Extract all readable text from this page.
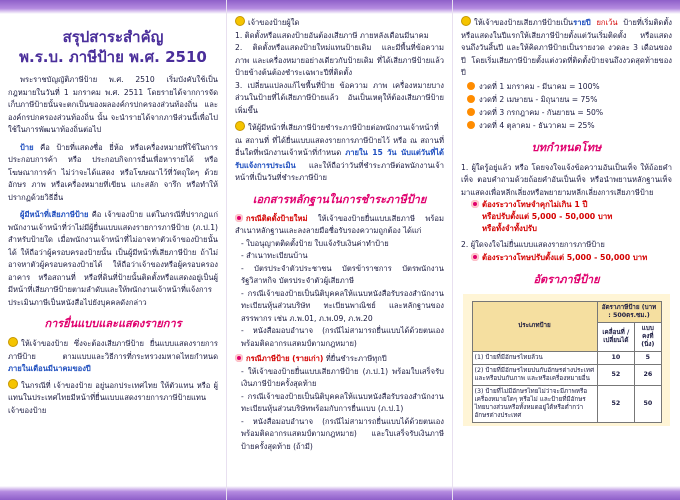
สรุปสาระสำคัญ
พ.ร.บ. ภาษีป้าย พ.ศ. 2510

พระราชบัญญัติภาษีป้าย พ.ศ. 2510 เริ่มบังคับใช้เป็นกฎหมายในวันที่ 1 มกราคม พ.ศ. 2511 โดยรายได้จากการจัดเก็บภาษีป้ายนั้นจะตกเป็นของผลองค์กรปกครองส่วนท้องถิ่น และองค์กรปกครองส่วนท้องถิ่น นั้น จะนำรายได้จากภาษีส่วนนี้เพื่อไปใช้ในการพัฒนาท้องถิ่นต่อไป

ป้าย คือ ป้ายที่แสดงชื่อ ยี่ห้อ หรือเครื่องหมายที่ใช้ในการประกอบการค้า หรือ ประกอบกิจการอื่นเพื่อหารายได้ หรือ โฆษณาการค้า ไม่ว่าจะได้แสดง หรือโฆษณาไว้ที่วัตถุใดๆ ด้วยอักษร ภาพ หรือเครื่องหมายที่เขียน แกะสลัก จารึก หรือทำให้ปรากฏด้วยวิธีอื่น

ผู้มีหน้าที่เสียภาษีป้าย คือ เจ้าของป้าย แต่ในกรณีที่ปรากฏแก่พนักงานเจ้าหน้าที่ว่าไม่มีผู้ยื่นแบบแสดงรายการภาษีป้าย (ภ.ป.1) สำหรับป้ายใด เมื่อพนักงานเจ้าหน้าที่ไม่อาจหาตัวเจ้าของป้ายนั้นได้ ให้ถือว่าผู้ครอบครองป้ายนั้น เป็นผู้มีหน้าที่เสียภาษีป้าย ถ้าไม่อาจหาตัวผู้ครอบครองป้ายได้ ให้ถือว่าเจ้าของหรือผู้ครอบครองอาคาร หรือสถานที่ หรือที่ดินที่ป้ายนั้นติดตั้งหรือแสดงอยู่เป็นผู้มีหน้าที่เสียภาษีป้ายตามลำดับและให้พนักงานเจ้าหน้าที่แจ้งการประเมินภาษีเป็นหนังสือไปยังบุคคลดังกล่าว

การยื่นแบบและแสดงรายการ

ให้เจ้าของป้าย ซึ่งจะต้องเสียภาษีป้าย ยื่นแบบแสดงรายการภาษีป้าย ตามแบบและวิธีการที่กระทรวงมหาดไทยกำหนด ภายในเดือนมีนาคมของปี

ในกรณีที่ เจ้าของป้าย อยู่นอกประเทศไทย ให้ตัวแทน หรือ ผู้แทนในประเทศไทยมีหน้าที่ยื่นแบบแสดงรายการภาษีป้ายแทนเจ้าของป้าย

เจ้าของป้ายผู้ใด

1. ติดตั้งหรือแสดงป้ายอันต้องเสียภาษี ภายหลังเดือนมีนาคม

2. ติดตั้งหรือแสดงป้ายใหม่แทนป้ายเดิม และมีพื้นที่ข้อความ ภาพ และเครื่องหมายอย่างเดียวกับป้ายเดิม ที่ได้เสียภาษีป้ายแล้ว ป้ายข้างต้นต้องชำระเฉพาะปีที่ติดตั้ง

3. เปลี่ยนแปลงแก้ไขพื้นที่ป้าย ข้อความ ภาพ เครื่องหมายบางส่วนในป้ายที่ได้เสียภาษีป้ายแล้ว อันเป็นเหตุให้ต้องเสียภาษีป้ายเพิ่มขึ้น

ให้ผู้มีหน้าที่เสียภาษีป้ายชำระภาษีป้ายต่อพนักงานเจ้าหน้าที่ ณ สถานที่ ที่ได้ยื่นแบบแสดงรายการภาษีป้ายไว้ หรือ ณ สถานที่อื่นใดที่พนักงานเจ้าหน้าที่กำหนด ภายใน 15 วัน นับแต่วันที่ได้รับแจ้งการประเมิน และให้ถือว่าวันที่ชำระภาษีต่อพนักงานเจ้าหน้าที่เป็นวันที่ชำระภาษีป้าย

เอกสารหลักฐานในการชำระภาษีป้าย

กรณีติดตั้งป้ายใหม่ ให้เจ้าของป้ายยื่นแบบเสียภาษี พร้อมสำเนาหลักฐานและลงลายมือชื่อรับรองความถูกต้อง ได้แก่

- ใบอนุญาตติดตั้งป้าย ใบแจ้งรับเงินค่าทำป้าย

- สำเนาทะเบียนบ้าน

- บัตรประจำตัวประชาชน บัตรข้าราชการ บัตรพนักงานรัฐวิสาหกิจ บัตรประจำตัวผู้เสียภาษี

- กรณีเจ้าของป้ายเป็นนิติบุคคลให้แนบหนังสือรับรองสำนักงานทะเบียนหุ้นส่วนบริษัท ทะเบียนพาณิชย์ และหลักฐานของสรรพากร เช่น ภ.พ.01, ภ.พ.09, ภ.พ.20

- หนังสือมอบอำนาจ (กรณีไม่สามารถยื่นแบบได้ด้วยตนเองพร้อมติดอากรแสตมป์ตามกฎหมาย)

กรณีภาษีป้าย (รายเก่า) ที่ยื่นชำระภาษีทุกปี

- ให้เจ้าของป้ายยื่นแบบเสียภาษีป้าย (ภ.ป.1) พร้อมใบเสร็จรับเงินภาษีป้ายครั้งสุดท้าย

- กรณีเจ้าของป้ายเป็นนิติบุคคลให้แนบหนังสือรับรองสำนักงานทะเบียนหุ้นส่วนบริษัทพร้อมกับการยื่นแบบ (ภ.ป.1)

- หนังสือมอบอำนาจ (กรณีไม่สามารถยื่นแบบได้ด้วยตนเองพร้อมติดอากรแสตมป์ตามกฎหมาย) และใบเสร็จรับเงินภาษีป้ายครั้งสุดท้าย (ถ้ามี)

ให้เจ้าของป้ายเสียภาษีป้ายเป็นรายปี ยกเว้น ป้ายที่เริ่มติดตั้งหรือแสดงในปีแรกให้เสียภาษีป้ายตั้งแต่วันเริ่มติดตั้ง หรือแสดงจนถึงวันสิ้นปี และให้คิดภาษีป้ายเป็นรายงวด งวดละ 3 เดือนของปี โดยเริ่มเสียภาษีป้ายตั้งแต่งวดที่ติดตั้งป้ายจนถึงงวดสุดท้ายของปี

งวดที่ 1 มกราคม - มีนาคม = 100%

งวดที่ 2 เมษายน - มิถุนายน = 75%

งวดที่ 3 กรกฎาคม - กันยายน = 50%

งวดที่ 4 ตุลาคม - ธันวาคม = 25%

บทกำหนดโทษ

1. ผู้ใดรู้อยู่แล้ว หรือ โดยจงใจแจ้งข้อความอันเป็นเท็จ ให้ถ้อยคำเท็จ ตอบคำถามด้วยถ้อยคำอันเป็นเท็จ หรือนำพยานหลักฐานเท็จมาแสดงเพื่อหลีกเลี่ยงหรือพยายามหลีกเลี่ยงการเสียภาษีป้าย

ต้องระวางโทษจำคุกไม่เกิน 1 ปี

หรือปรับตั้งแต่ 5,000 - 50,000 บาท

หรือทั้งจำทั้งปรับ

2. ผู้ใดจงใจไม่ยื่นแบบแสดงรายการภาษีป้าย

ต้องระวางโทษปรับตั้งแต่ 5,000 - 50,000 บาท

อัตราภาษีป้าย
ประเภทป้าย	อัตราภาษีป้าย (บาท : 500ตร.ซม.)	
	เคลื่อนที่ / เปลี่ยนได้	แบบคงที่ (นิ่ง)
(1) ป้ายที่มีอักษรไทยล้วน	10	5
(2) ป้ายที่มีอักษรไทยปนกับอักษรต่างประเทศ และหรือปนกับภาพ และหรือเครื่องหมายอื่น	52	26
(3) ป้ายที่ไม่มีอักษรไทยไม่ว่าจะมีภาพหรือเครื่องหมายใดๆ หรือไม่ และป้ายที่มีอักษรไทยบางส่วนหรือทั้งหมดอยู่ใต้หรือต่ำกว่าอักษรต่างประเทศ	52	50
